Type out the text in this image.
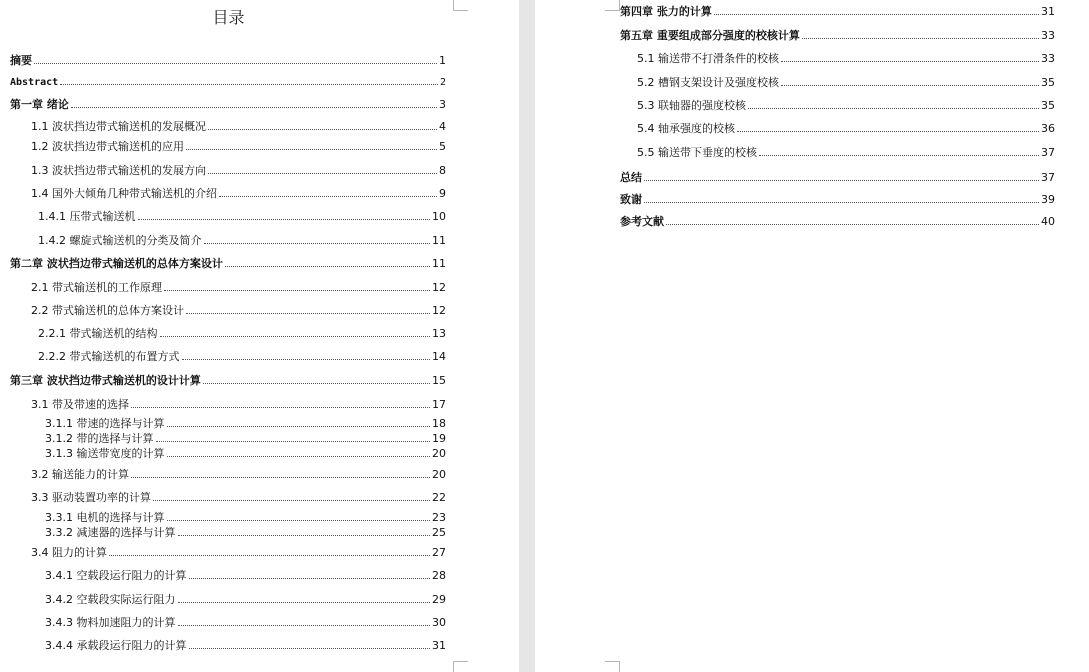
目录
摘要	1
Abstract	2
第一章 绪论	3
1.1 波状挡边带式输送机的发展概况	4
1.2 波状挡边带式输送机的应用	5
1.3 波状挡边带式输送机的发展方向	8
1.4 国外大倾角几种带式输送机的介绍	9
1.4.1 压带式输送机	10
1.4.2 螺旋式输送机的分类及简介	11
第二章 波状挡边带式输送机的总体方案设计	11
2.1 带式输送机的工作原理	12
2.2 带式输送机的总体方案设计	12
2.2.1 带式输送机的结构	13
2.2.2 带式输送机的布置方式	14
第三章 波状挡边带式输送机的设计计算	15
3.1 带及带速的选择	17
3.1.1 带速的选择与计算	18
3.1.2 带的选择与计算	19
3.1.3 输送带宽度的计算	20
3.2 输送能力的计算	20
3.3 驱动装置功率的计算	22
3.3.1 电机的选择与计算	23
3.3.2 减速器的选择与计算	25
3.4 阻力的计算	27
3.4.1 空载段运行阻力的计算	28
3.4.2 空载段实际运行阻力	29
3.4.3 物料加速阻力的计算	30
3.4.4 承载段运行阻力的计算	31
第四章 张力的计算	31
第五章 重要组成部分强度的校核计算	33
5.1 输送带不打滑条件的校核	33
5.2 槽钢支架设计及强度校核	35
5.3 联轴器的强度校核	35
5.4 轴承强度的校核	36
5.5 输送带下垂度的校核	37
总结	37
致谢	39
参考文献	40
